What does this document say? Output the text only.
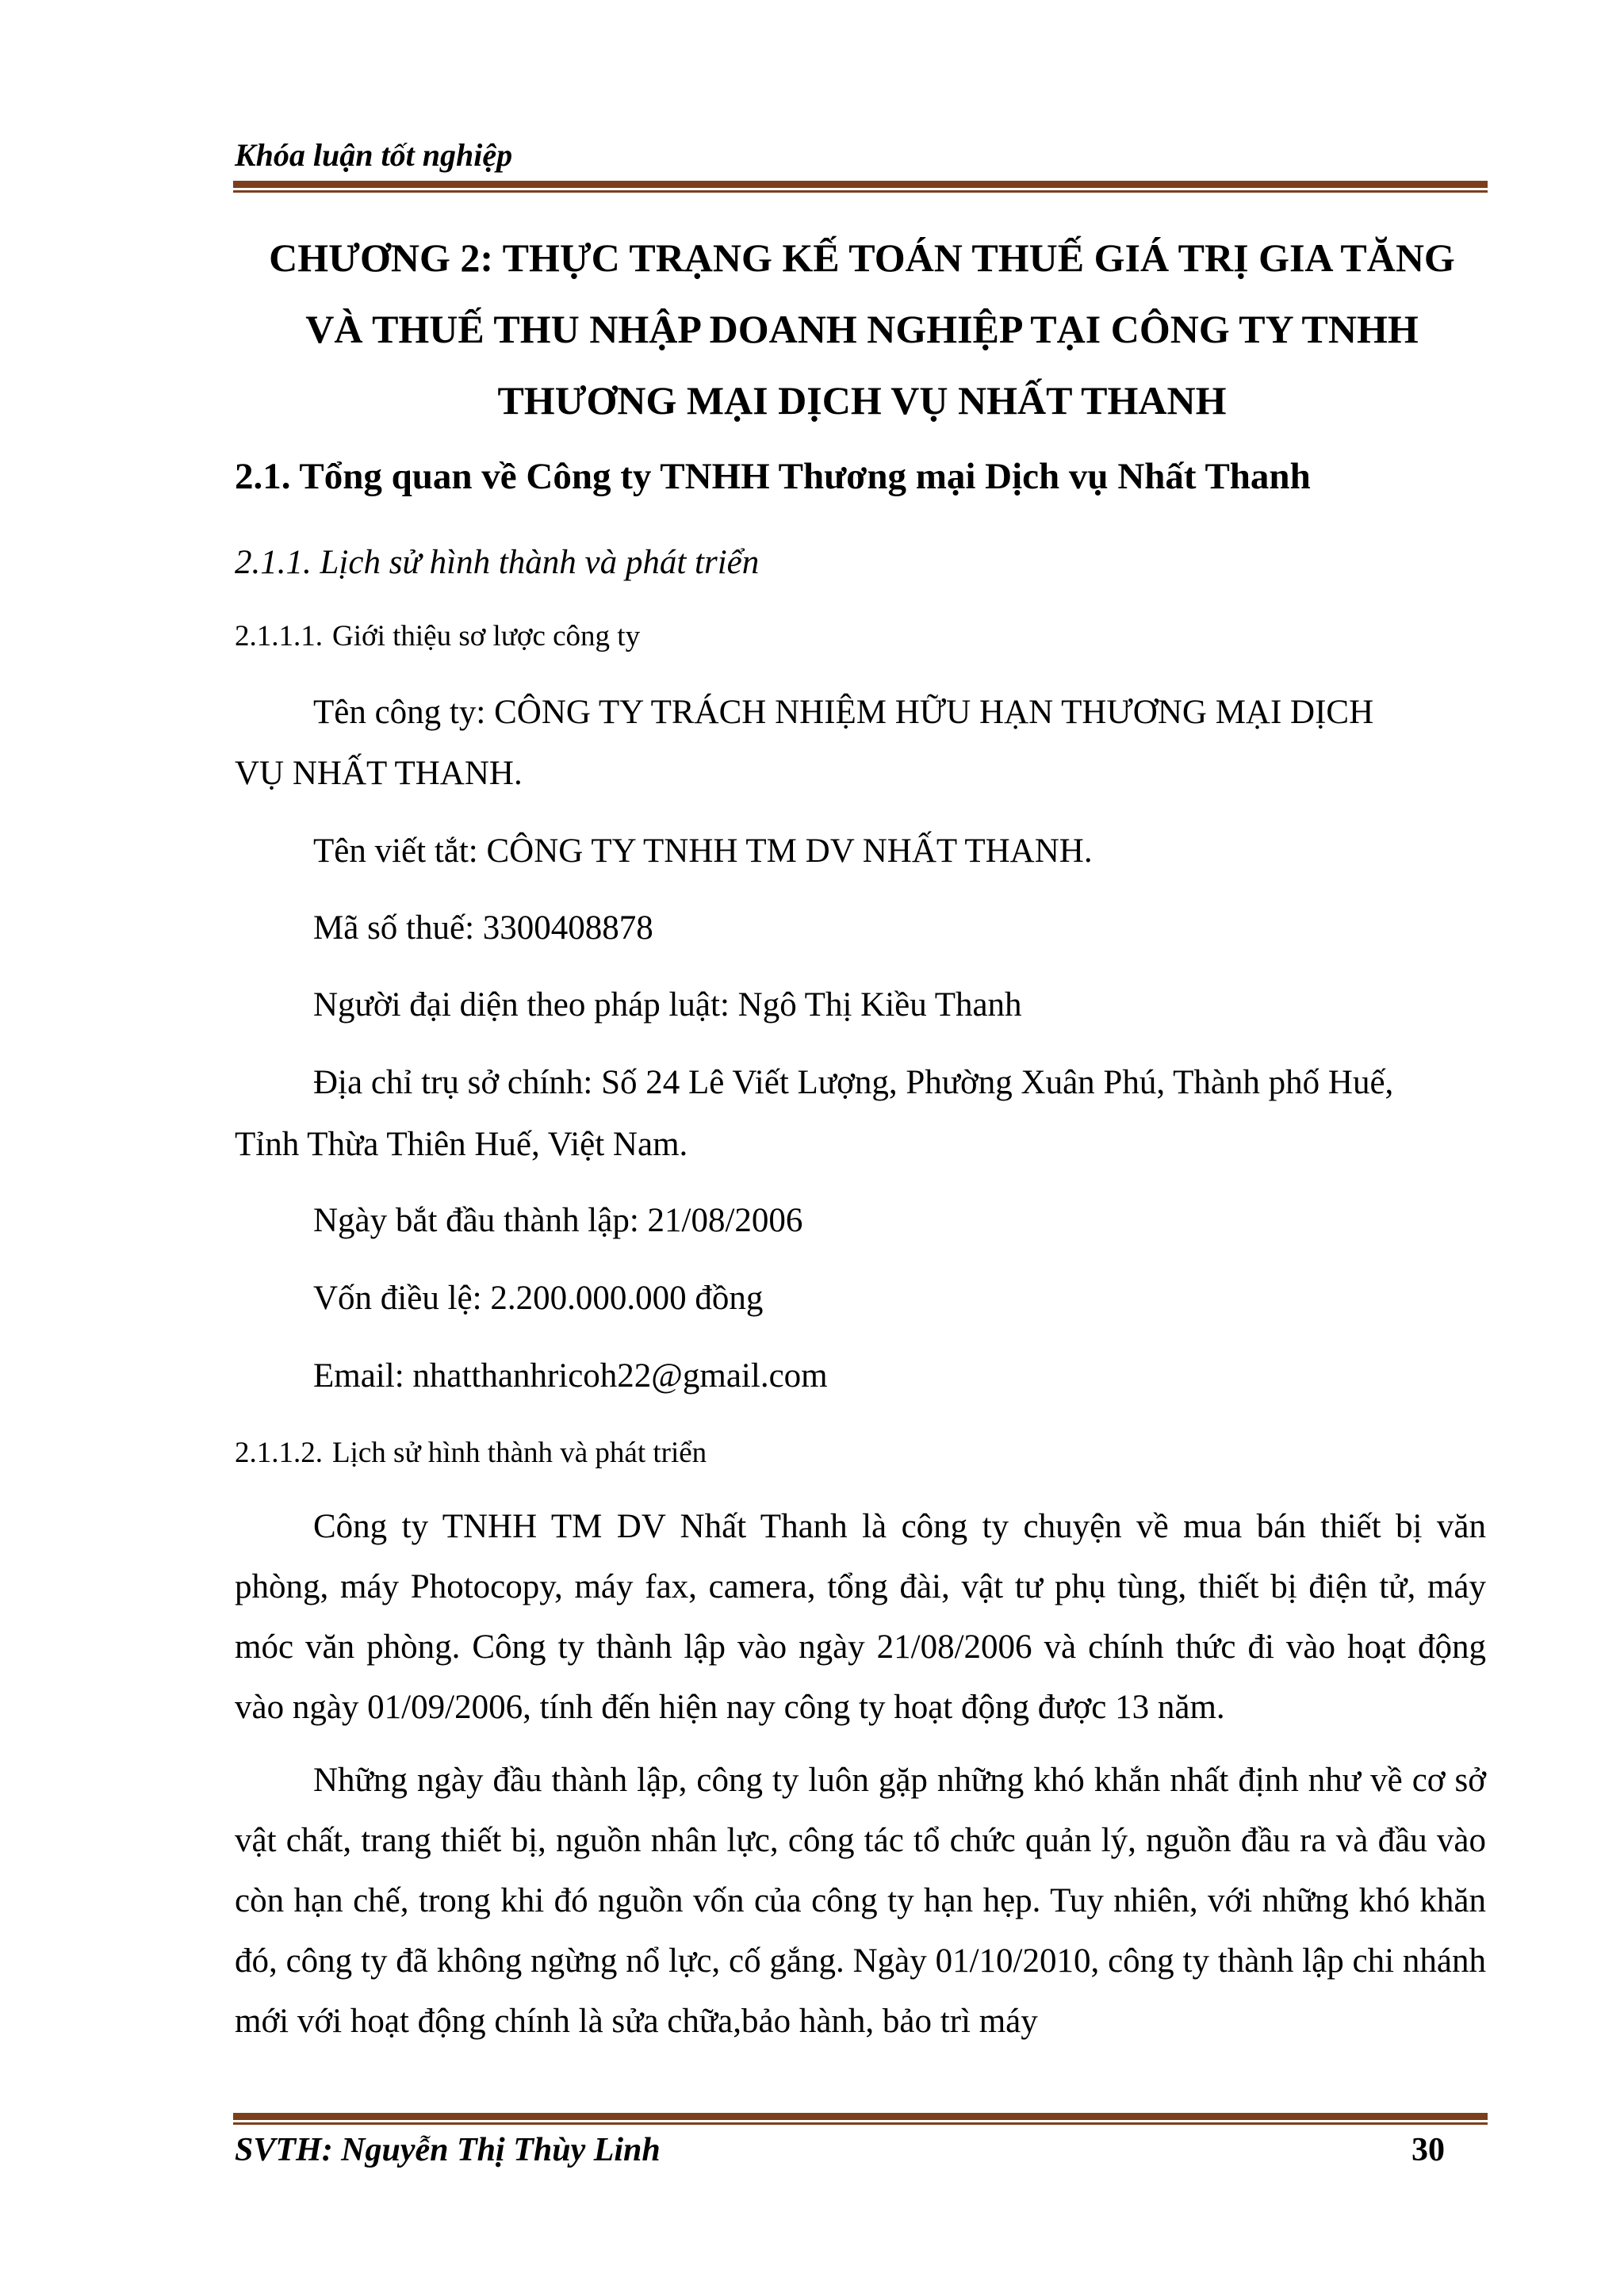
Khóa luận tốt nghiệp
CHƯƠNG 2: THỰC TRẠNG KẾ TOÁN THUẾ GIÁ TRỊ GIA TĂNG
VÀ THUẾ THU NHẬP DOANH NGHIỆP TẠI CÔNG TY TNHH
THƯƠNG MẠI DỊCH VỤ NHẤT THANH
2.1. Tổng quan về Công ty TNHH Thương mại Dịch vụ Nhất Thanh
2.1.1. Lịch sử hình thành và phát triển
2.1.1.1. Giới thiệu sơ lược công ty
Tên công ty: CÔNG TY TRÁCH NHIỆM HỮU HẠN THƯƠNG MẠI DỊCH
VỤ NHẤT THANH.
Tên viết tắt: CÔNG TY TNHH TM DV NHẤT THANH.
Mã số thuế: 3300408878
Người đại diện theo pháp luật: Ngô Thị Kiều Thanh
Địa chỉ trụ sở chính: Số 24 Lê Viết Lượng, Phường Xuân Phú, Thành phố Huế,
Tỉnh Thừa Thiên Huế, Việt Nam.
Ngày bắt đầu thành lập: 21/08/2006
Vốn điều lệ: 2.200.000.000 đồng
Email: nhatthanhricoh22@gmail.com
2.1.1.2. Lịch sử hình thành và phát triển

Công ty TNHH TM DV Nhất Thanh là công ty chuyện về mua bán thiết bị văn phòng, máy Photocopy, máy fax, camera, tổng đài, vật tư phụ tùng, thiết bị điện tử, máy móc văn phòng. Công ty thành lập vào ngày 21/08/2006 và chính thức đi vào hoạt động vào ngày 01/09/2006, tính đến hiện nay công ty hoạt động được 13 năm.

Những ngày đầu thành lập, công ty luôn gặp những khó khắn nhất định như về cơ sở vật chất, trang thiết bị, nguồn nhân lực, công tác tổ chức quản lý, nguồn đầu ra và đầu vào còn hạn chế, trong khi đó nguồn vốn của công ty hạn hẹp. Tuy nhiên, với những khó khăn đó, công ty đã không ngừng nổ lực, cố gắng. Ngày 01/10/2010, công ty thành lập chi nhánh mới với hoạt động chính là sửa chữa,bảo hành, bảo trì máy

SVTH: Nguyễn Thị Thùy Linh	30
